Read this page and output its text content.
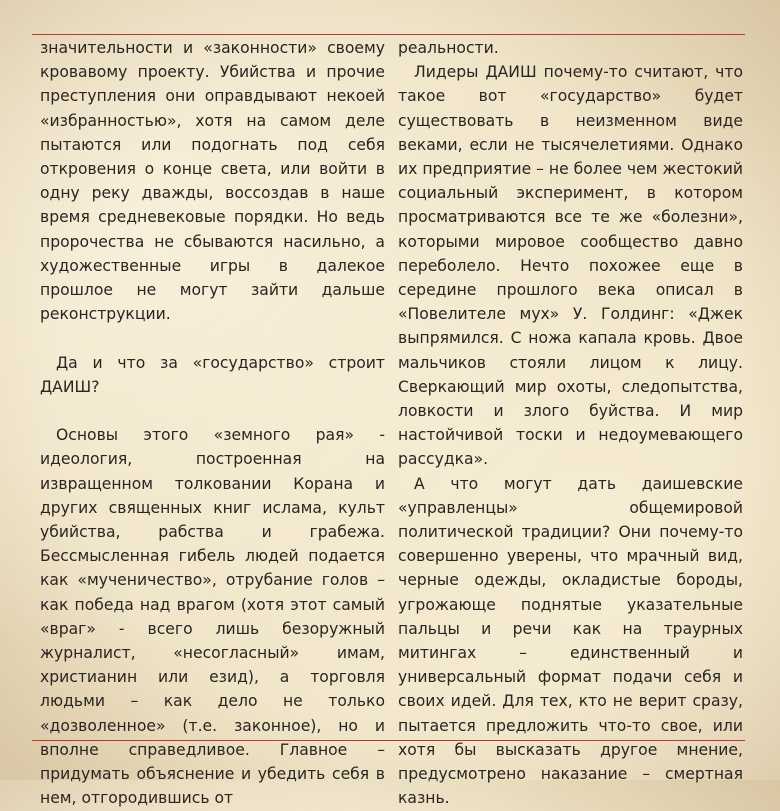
значительности и «законности» своему кровавому проекту. Убийства и прочие преступления они оправдывают некоей «избранностью», хотя на самом деле пытаются или подогнать под себя откровения о конце света, или войти в одну реку дважды, воссоздав в наше время средневековые порядки. Но ведь пророчества не сбываются насильно, а художественные игры в далекое прошлое не могут зайти дальше реконструкции.

Да и что за «государство» строит ДАИШ?

Основы этого «земного рая» - идеология, построенная на извращенном толковании Корана и других священных книг ислама, культ убийства, рабства и грабежа. Бессмысленная гибель людей подается как «мученичество», отрубание голов – как победа над врагом (хотя этот самый «враг» - всего лишь безоружный журналист, «несогласный» имам, христианин или езид), а торговля людьми – как дело не только «дозволенное» (т.е. законное), но и вполне справедливое. Главное – придумать объяснение и убедить себя в нем, отгородившись от

реальности.

Лидеры ДАИШ почему-то считают, что такое вот «государство» будет существовать в неизменном виде веками, если не тысячелетиями. Однако их предприятие – не более чем жестокий социальный эксперимент, в котором просматриваются все те же «болезни», которыми мировое сообщество давно переболело. Нечто похожее еще в середине прошлого века описал в «Повелителе мух» У. Голдинг: «Джек выпрямился. С ножа капала кровь. Двое мальчиков стояли лицом к лицу. Сверкающий мир охоты, следопытства, ловкости и злого буйства. И мир настойчивой тоски и недоумевающего рассудка».

А что могут дать даишевские «управленцы» общемировой политической традиции? Они почему-то совершенно уверены, что мрачный вид, черные одежды, окладистые бороды, угрожающе поднятые указательные пальцы и речи как на траурных митингах – единственный и универсальный формат подачи себя и своих идей. Для тех, кто не верит сразу, пытается предложить что-то свое, или хотя бы высказать другое мнение, предусмотрено наказание – смертная казнь.
